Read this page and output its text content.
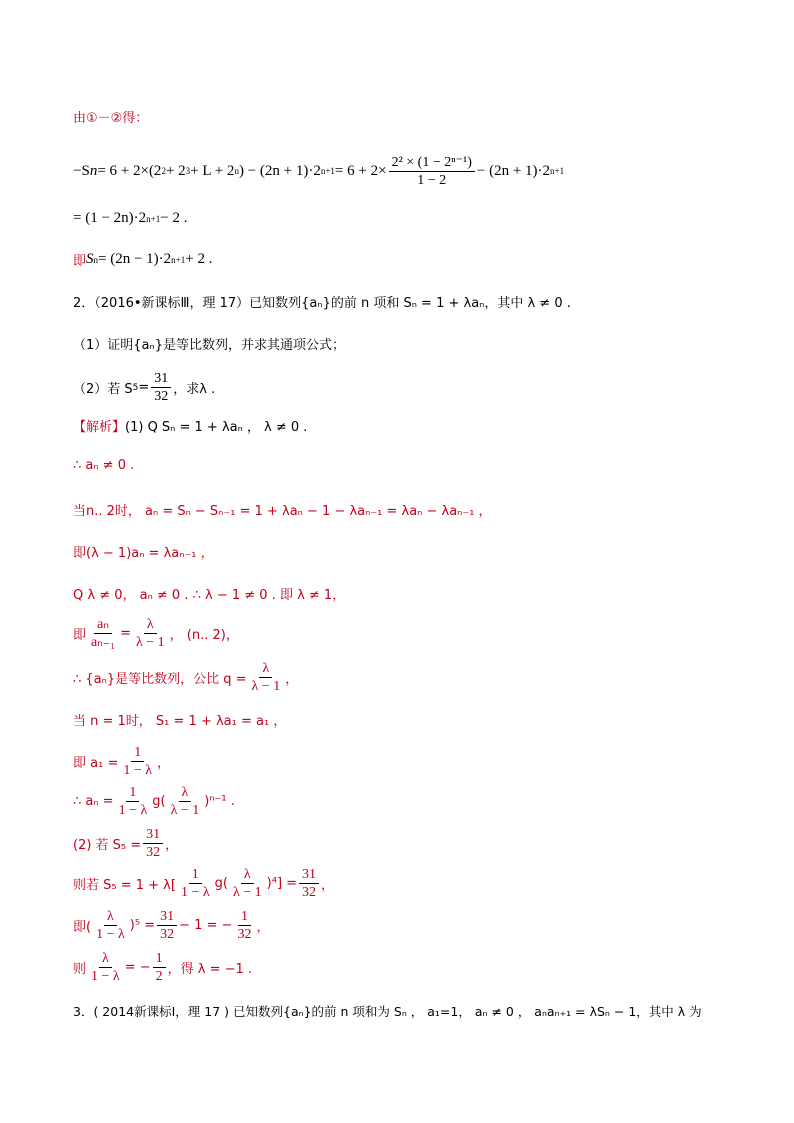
由①－②得：
−S n = 6 + 2×(2 2 + 2 3 + L + 2 n ) − (2n + 1)·2 $n+1 = 6 + 2\times \frac{\text{2² × (1 − 2ⁿ⁻¹)}}{1 - 2} - (2n + 1)\cdot 2$ n+1
= (1 − 2n)·2 n+1 − 2 .
即 S n = (2n − 1)·2 n+1 + 2 .
2．（2016•新课标Ⅲ，理 17）已知数列{aₙ}的前 n 项和 Sₙ = 1 + λaₙ，其中 λ ≠ 0 .
（1）证明{aₙ}是等比数列，并求其通项公式；
（2）若 S $5 = \frac{31}{32}$ ，求λ .
【解析】 (1) Q Sₙ = 1 + λaₙ ， λ ≠ 0 .
∴ aₙ ≠ 0 .
当n.. 2时， aₙ = Sₙ − Sₙ₋₁ = 1 + λaₙ − 1 − λaₙ₋₁ = λaₙ − λaₙ₋₁ ，
即(λ − 1)aₙ = λaₙ₋₁ ，
Q λ ≠ 0， aₙ ≠ 0 . ∴ λ − 1 ≠ 0 . 即 λ ≠ 1，
即 $\frac{\text{aₙ}}{\text{aₙ₋₁}} = \frac{\lambda}{\lambda - 1}$ ， (n.. 2)，
∴ {aₙ}是等比数列，公比 $q = \frac{\lambda}{\lambda - 1}$ ，
当 n = 1时， S₁ = 1 + λa₁ = a₁ ，
即 $a_1 = \frac{1}{1 - \lambda}$ ，
∴ $a_n = \frac{1}{1 - \lambda} g( \frac{\lambda}{\lambda - 1} )^{n-1}$ .
(2) 若 $S_5 = \frac{31}{32}$ ，
则若 $S_5 = 1 + \lambda[ \frac{1}{1 - \lambda} g( \frac{\lambda}{\lambda - 1} )^4] = \frac{31}{32}$ ，
即( $\frac{\lambda}{1 - \lambda} )^5 = \frac{31}{32} - 1$ = − $\frac{1}{32}$ ，
则 $\frac{\lambda}{1 - \lambda}$ = − $\frac{1}{2}$ ，得 λ = −1 .
3．( 2014新课标Ⅰ，理 17 ) 已知数列{aₙ}的前 n 项和为 Sₙ ， a₁=1， aₙ ≠ 0 ， aₙaₙ₊₁ = λSₙ − 1，其中 λ 为
